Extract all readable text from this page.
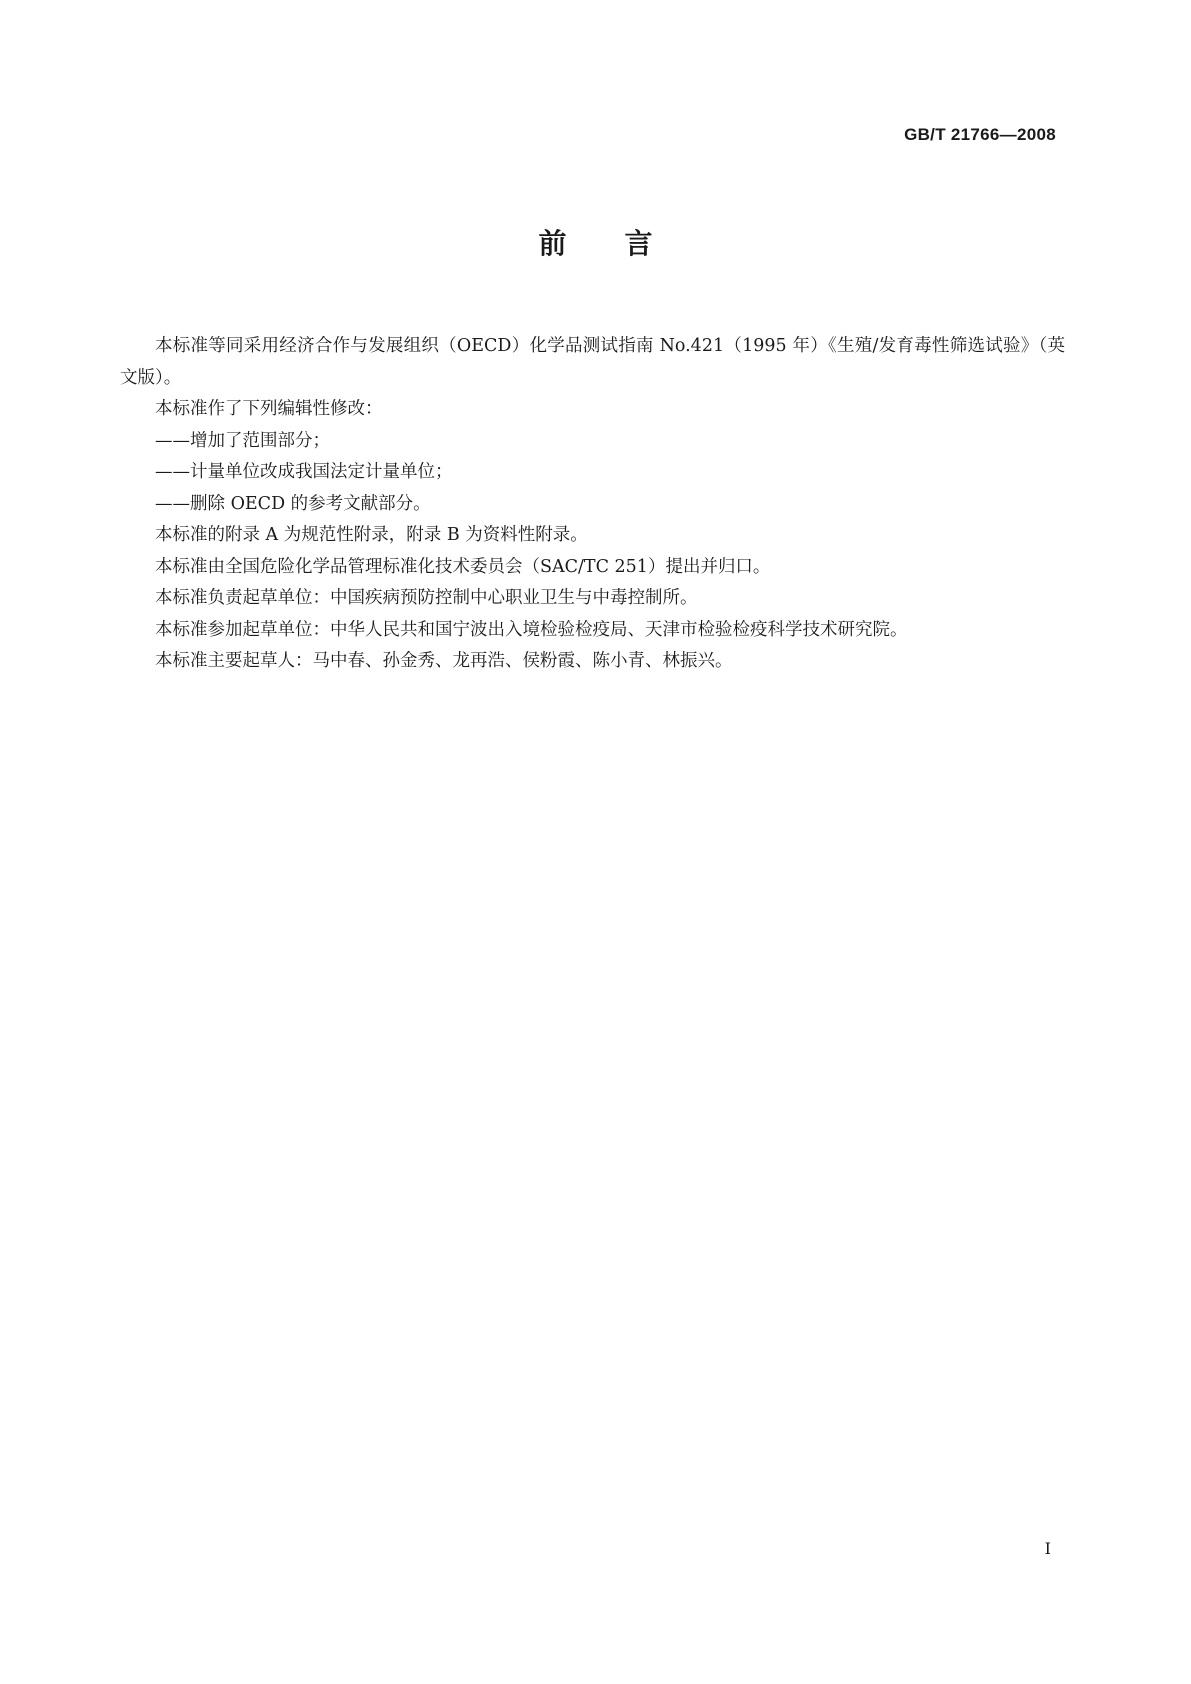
GB/T 21766—2008
前 言

本标准等同采用经济合作与发展组织（OECD）化学品测试指南 No.421（1995 年）《生殖/发育毒性筛选试验》（英文版）。

本标准作了下列编辑性修改：

——增加了范围部分；

——计量单位改成我国法定计量单位；

——删除 OECD 的参考文献部分。

本标准的附录 A 为规范性附录，附录 B 为资料性附录。

本标准由全国危险化学品管理标准化技术委员会（SAC/TC 251）提出并归口。

本标准负责起草单位：中国疾病预防控制中心职业卫生与中毒控制所。

本标准参加起草单位：中华人民共和国宁波出入境检验检疫局、天津市检验检疫科学技术研究院。

本标准主要起草人：马中春、孙金秀、龙再浩、侯粉霞、陈小青、林振兴。

I
